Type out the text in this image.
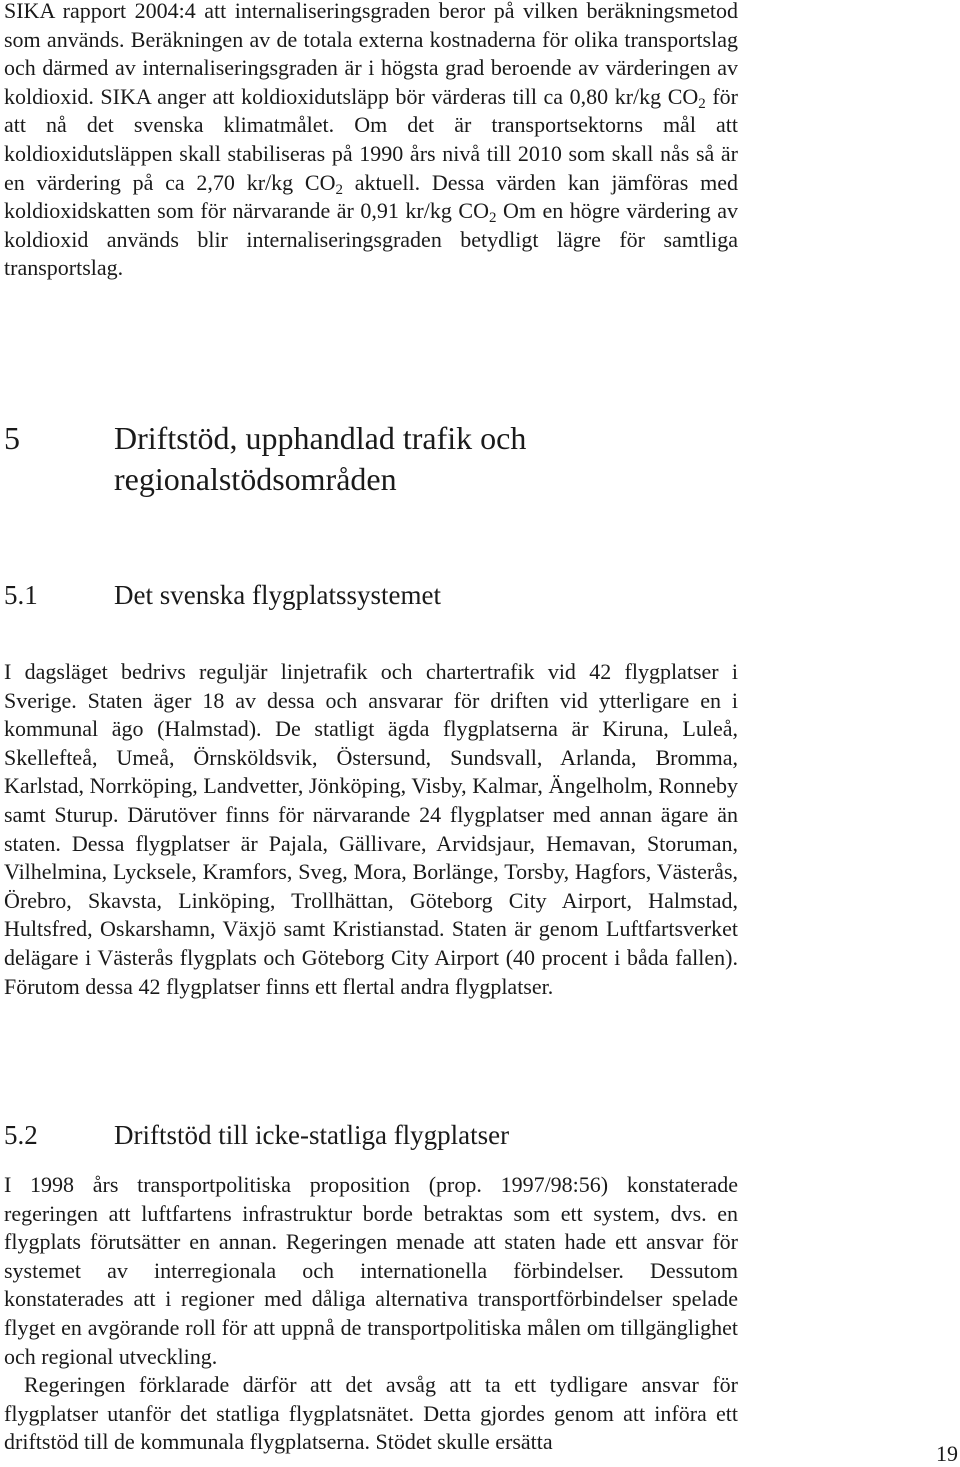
SIKA rapport 2004:4 att internaliseringsgraden beror på vilken beräkningsmetod som används. Beräkningen av de totala externa kostnaderna för olika transportslag och därmed av internaliseringsgraden är i högsta grad beroende av värderingen av koldioxid. SIKA anger att koldioxidutsläpp bör värderas till ca 0,80 kr/kg $CO_2$ för att nå det svenska klimatmålet. Om det är transportsektorns mål att koldioxidutsläppen skall stabiliseras på 1990 års nivå till 2010 som skall nås så är en värdering på ca 2,70 kr/kg $CO_2$ aktuell. Dessa värden kan jämföras med koldioxidskatten som för närvarande är 0,91 kr/kg $CO_2$ Om en högre värdering av koldioxid används blir internaliseringsgraden betydligt lägre för samtliga transportslag.

5	Driftstöd, upphandlad trafik och
regionalstödsområden
5.1	Det svenska flygplatssystemet

I dagsläget bedrivs reguljär linjetrafik och chartertrafik vid 42 flygplatser i Sverige. Staten äger 18 av dessa och ansvarar för driften vid ytterligare en i kommunal ägo (Halmstad). De statligt ägda flygplatserna är Kiruna, Luleå, Skellefteå, Umeå, Örnsköldsvik, Östersund, Sundsvall, Arlanda, Bromma, Karlstad, Norrköping, Landvetter, Jönköping, Visby, Kalmar, Ängelholm, Ronneby samt Sturup. Därutöver finns för närvarande 24 flygplatser med annan ägare än staten. Dessa flygplatser är Pajala, Gällivare, Arvidsjaur, Hemavan, Storuman, Vilhelmina, Lycksele, Kramfors, Sveg, Mora, Borlänge, Torsby, Hagfors, Västerås, Örebro, Skavsta, Linköping, Trollhättan, Göteborg City Airport, Halmstad, Hultsfred, Oskarshamn, Växjö samt Kristianstad. Staten är genom Luftfartsverket delägare i Västerås flygplats och Göteborg City Airport (40 procent i båda fallen). Förutom dessa 42 flygplatser finns ett flertal andra flygplatser.

5.2	Driftstöd till icke-statliga flygplatser

I 1998 års transportpolitiska proposition (prop. 1997/98:56) konstaterade regeringen att luftfartens infrastruktur borde betraktas som ett system, dvs. en flygplats förutsätter en annan. Regeringen menade att staten hade ett ansvar för systemet av interregionala och internationella förbindelser. Dessutom konstaterades att i regioner med dåliga alternativa transportförbindelser spelade flyget en avgörande roll för att uppnå de transportpolitiska målen om tillgänglighet och regional utveckling.

Regeringen förklarade därför att det avsåg att ta ett tydligare ansvar för flygplatser utanför det statliga flygplatsnätet. Detta gjordes genom att införa ett driftstöd till de kommunala flygplatserna. Stödet skulle ersätta	19
